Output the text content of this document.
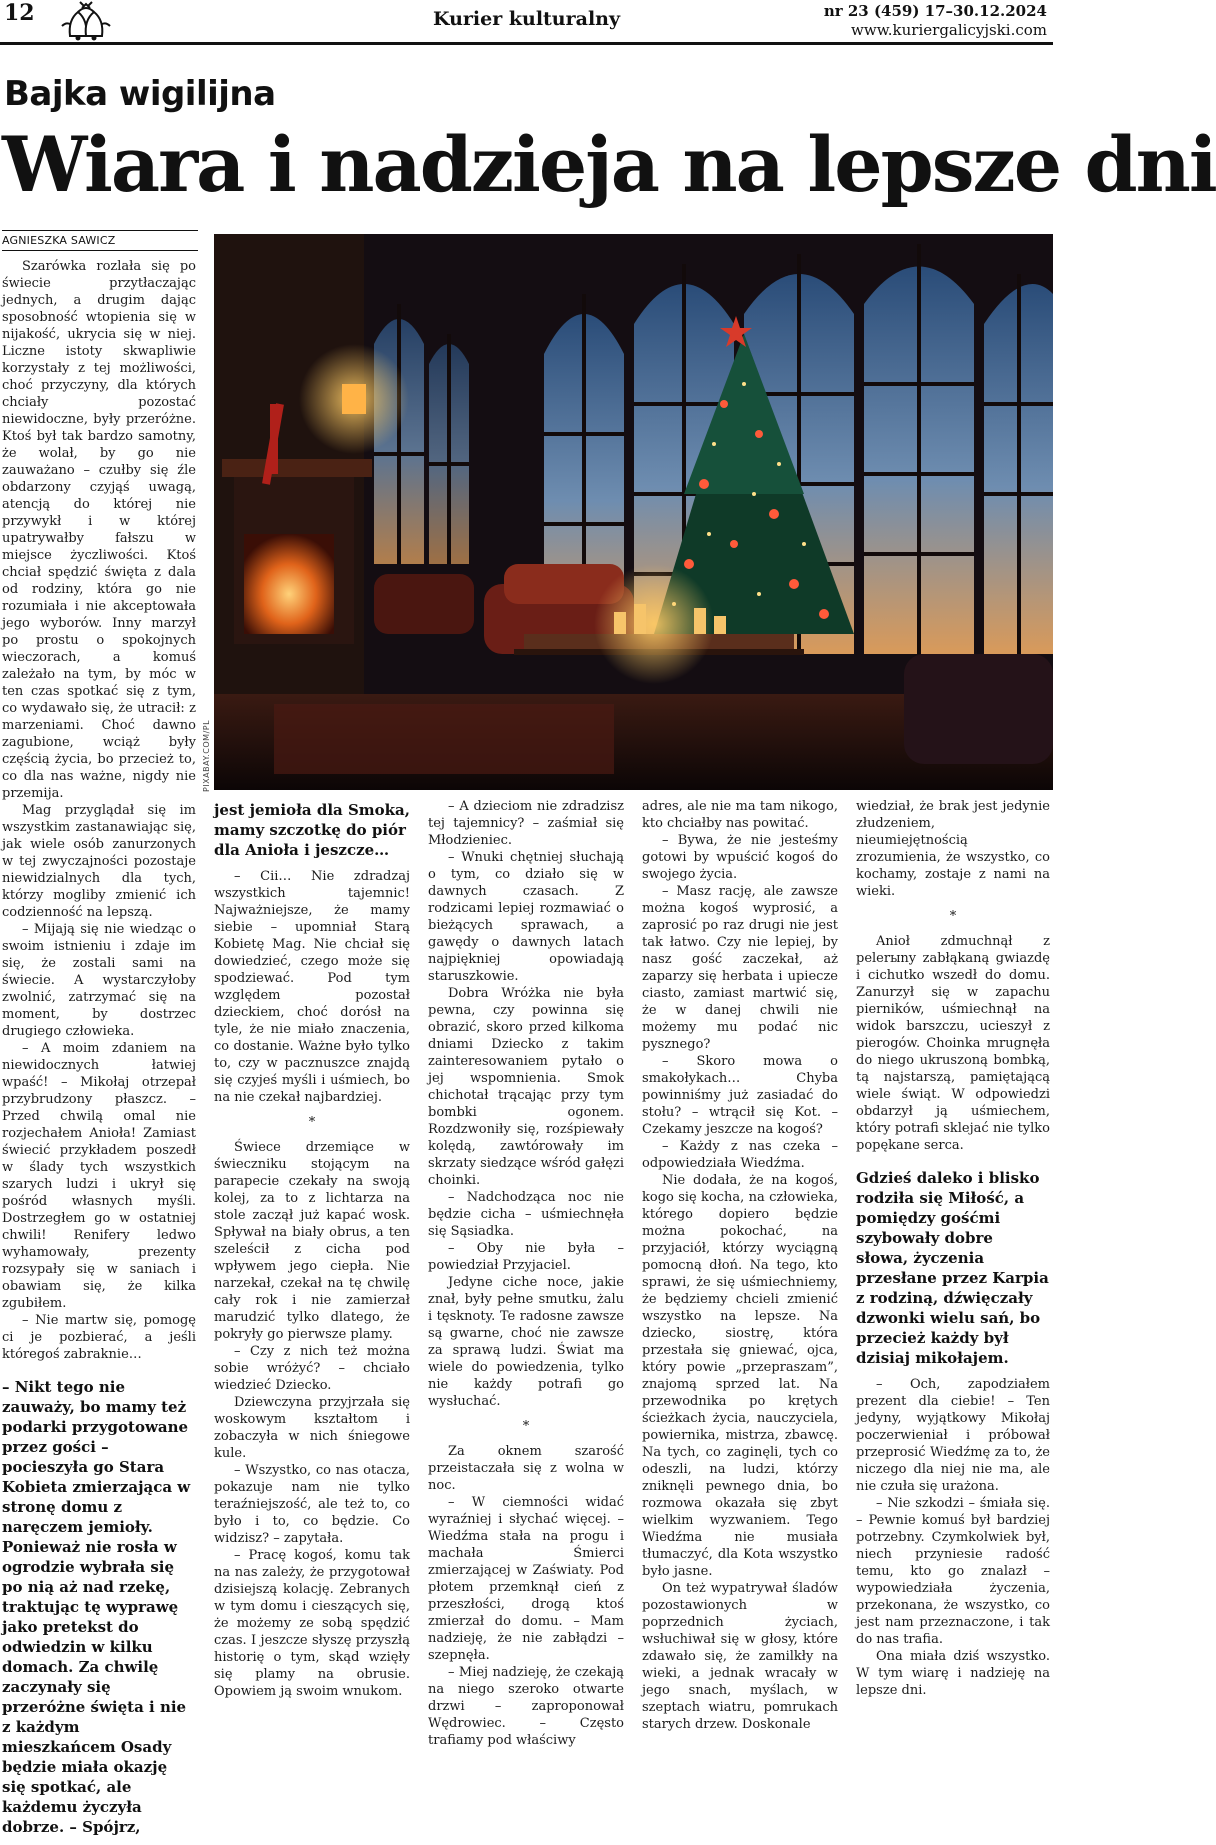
12	Kurier kulturalny	nr 23 (459) 17–30.12.2024
www.kuriergalicyjski.com
Bajka wigilijna
Wiara i nadzieja na lepsze dni
AGNIESZKA SAWICZ
PIXABAY.COM/PL

Szarówka rozlała się po świecie przytłaczając jednych, a drugim dając sposobność wtopienia się w nijakość, ukrycia się w niej. Liczne istoty skwapliwie korzystały z tej możliwości, choć przyczyny, dla których chciały pozostać niewidoczne, były przeróżne. Ktoś był tak bardzo samotny, że wolał, by go nie zauważano – czułby się źle obdarzony czyjąś uwagą, atencją do której nie przywykł i w której upatrywałby fałszu w miejsce życzliwości. Ktoś chciał spędzić święta z dala od rodziny, która go nie rozumiała i nie akceptowała jego wyborów. Inny marzył po prostu o spokojnych wieczorach, a komuś zależało na tym, by móc w ten czas spotkać się z tym, co wydawało się, że utracił: z marzeniami. Choć dawno zagubione, wciąż były częścią życia, bo przecież to, co dla nas ważne, nigdy nie przemija.

Mag przyglądał się im wszystkim zastanawiając się, jak wiele osób zanurzonych w tej zwyczajności pozostaje niewidzialnych dla tych, którzy mogliby zmienić ich codzienność na lepszą.

– Mijają się nie wiedząc o swoim istnieniu i zdaje im się, że zostali sami na świecie. A wystarczyłoby zwolnić, zatrzymać się na moment, by dostrzec drugiego człowieka.

– A moim zdaniem na niewidocznych łatwiej wpaść! – Mikołaj otrzepał przybrudzony płaszcz. – Przed chwilą omal nie rozjechałem Anioła! Zamiast świecić przykładem poszedł w ślady tych wszystkich szarych ludzi i ukrył się pośród własnych myśli. Dostrzegłem go w ostatniej chwili! Renifery ledwo wyhamowały, prezenty rozsypały się w saniach i obawiam się, że kilka zgubiłem.

– Nie martw się, pomogę ci je pozbierać, a jeśli któregoś zabraknie…

– Nikt tego nie zauważy, bo mamy też podarki przygotowane przez gości – pocieszyła go Stara Kobieta zmierzająca w stronę domu z naręczem jemioły. Ponieważ nie rosła w ogrodzie wybrała się po nią aż nad rzekę, traktując tę wyprawę jako pretekst do odwiedzin w kilku domach. Za chwilę zaczynały się przeróżne święta i nie z każdym mieszkańcem Osady będzie miała okazję się spotkać, ale każdemu życzyła dobrze. – Spójrz,

jest jemioła dla Smoka, mamy szczotkę do piór dla Anioła i jeszcze…

– Cii… Nie zdradzaj wszystkich tajemnic! Najważniejsze, że mamy siebie – upomniał Starą Kobietę Mag. Nie chciał się dowiedzieć, czego może się spodziewać. Pod tym względem pozostał dzieckiem, choć dorósł na tyle, że nie miało znaczenia, co dostanie. Ważne było tylko to, czy w pacznuszce znajdą się czyjeś myśli i uśmiech, bo na nie czekał najbardziej.

*

Świece drzemiące w świeczniku stojącym na parapecie czekały na swoją kolej, za to z lichtarza na stole zaczął już kapać wosk. Spływał na biały obrus, a ten szeleścił z cicha pod wpływem jego ciepła. Nie narzekał, czekał na tę chwilę cały rok i nie zamierzał marudzić tylko dlatego, że pokryły go pierwsze plamy.

– Czy z nich też można sobie wróżyć? – chciało wiedzieć Dziecko.

Dziewczyna przyjrzała się woskowym kształtom i zobaczyła w nich śniegowe kule.

– Wszystko, co nas otacza, pokazuje nam nie tylko teraźniejszość, ale też to, co było i to, co będzie. Co widzisz? – zapytała.

– Pracę kogoś, komu tak na nas zależy, że przygotował dzisiejszą kolację. Zebranych w tym domu i cieszących się, że możemy ze sobą spędzić czas. I jeszcze słyszę przyszłą historię o tym, skąd wzięły się plamy na obrusie. Opowiem ją swoim wnukom.

– A dzieciom nie zdradzisz tej tajemnicy? – zaśmiał się Młodzieniec.

– Wnuki chętniej słuchają o tym, co działo się w dawnych czasach. Z rodzicami lepiej rozmawiać o bieżących sprawach, a gawędy o dawnych latach najpiękniej opowiadają staruszkowie.

Dobra Wróżka nie była pewna, czy powinna się obrazić, skoro przed kilkoma dniami Dziecko z takim zainteresowaniem pytało o jej wspomnienia. Smok chichotał trącając przy tym bombki ogonem. Rozdzwoniły się, rozśpiewały kolędą, zawtórowały im skrzaty siedzące wśród gałęzi choinki.

– Nadchodząca noc nie będzie cicha – uśmiechnęła się Sąsiadka.

– Oby nie była – powiedział Przyjaciel.

Jedyne ciche noce, jakie znał, były pełne smutku, żalu i tęsknoty. Te radosne zawsze są gwarne, choć nie zawsze za sprawą ludzi. Świat ma wiele do powiedzenia, tylko nie każdy potrafi go wysłuchać.

*

Za oknem szarość przeistaczała się z wolna w noc.

– W ciemności widać wyraźniej i słychać więcej. – Wiedźma stała na progu i machała Śmierci zmierzającej w Zaświaty. Pod płotem przemknął cień z przeszłości, drogą ktoś zmierzał do domu. – Mam nadzieję, że nie zabłądzi – szepnęła.

– Miej nadzieję, że czekają na niego szeroko otwarte drzwi – zaproponował Wędrowiec. – Często trafiamy pod właściwy

adres, ale nie ma tam nikogo, kto chciałby nas powitać.

– Bywa, że nie jesteśmy gotowi by wpuścić kogoś do swojego życia.

– Masz rację, ale zawsze można kogoś wyprosić, a zaprosić po raz drugi nie jest tak łatwo. Czy nie lepiej, by nasz gość zaczekał, aż zaparzy się herbata i upiecze ciasto, zamiast martwić się, że w danej chwili nie możemy mu podać nic pysznego?

– Skoro mowa o smakołykach… Chyba powinniśmy już zasiadać do stołu? – wtrącił się Kot. – Czekamy jeszcze na kogoś?

– Każdy z nas czeka – odpowiedziała Wiedźma.

Nie dodała, że na kogoś, kogo się kocha, na człowieka, którego dopiero będzie można pokochać, na przyjaciół, którzy wyciągną pomocną dłoń. Na tego, kto sprawi, że się uśmiechniemy, że będziemy chcieli zmienić wszystko na lepsze. Na dziecko, siostrę, która przestała się gniewać, ojca, który powie „przepraszam”, znajomą sprzed lat. Na przewodnika po krętych ścieżkach życia, nauczyciela, powiernika, mistrza, zbawcę. Na tych, co zaginęli, tych co odeszli, na ludzi, którzy zniknęli pewnego dnia, bo rozmowa okazała się zbyt wielkim wyzwaniem. Tego Wiedźma nie musiała tłumaczyć, dla Kota wszystko było jasne.

On też wypatrywał śladów pozostawionych w poprzednich życiach, wsłuchiwał się w głosy, które zdawało się, że zamilkły na wieki, a jednak wracały w jego snach, myślach, w szeptach wiatru, pomrukach starych drzew. Doskonale

wiedział, że brak jest jedynie złudzeniem, nieumiejętnością zrozumienia, że wszystko, co kochamy, zostaje z nami na wieki.

*

Anioł zdmuchnął z pelerыny zabłąkaną gwiazdę i cichutko wszedł do domu. Zanurzył się w zapachu pierników, uśmiechnął na widok barszczu, ucieszył z pierogów. Choinka mrugnęła do niego ukruszoną bombką, tą najstarszą, pamiętającą wiele świąt. W odpowiedzi obdarzył ją uśmiechem, który potrafi sklejać nie tylko popękane serca.

Gdzieś daleko i blisko rodziła się Miłość, a pomiędzy gośćmi szybowały dobre słowa, życzenia przesłane przez Karpia z rodziną, dźwięczały dzwonki wielu sań, bo przecież każdy był dzisiaj mikołajem.

– Och, zapodziałem prezent dla ciebie! – Ten jedyny, wyjątkowy Mikołaj poczerwieniał i próbował przeprosić Wiedźmę za to, że niczego dla niej nie ma, ale nie czuła się urażona.

– Nie szkodzi – śmiała się. – Pewnie komuś był bardziej potrzebny. Czymkolwiek był, niech przyniesie radość temu, kto go znalazł – wypowiedziała życzenia, przekonana, że wszystko, co jest nam przeznaczone, i tak do nas trafia.

Ona miała dziś wszystko. W tym wiarę i nadzieję na lepsze dni.
